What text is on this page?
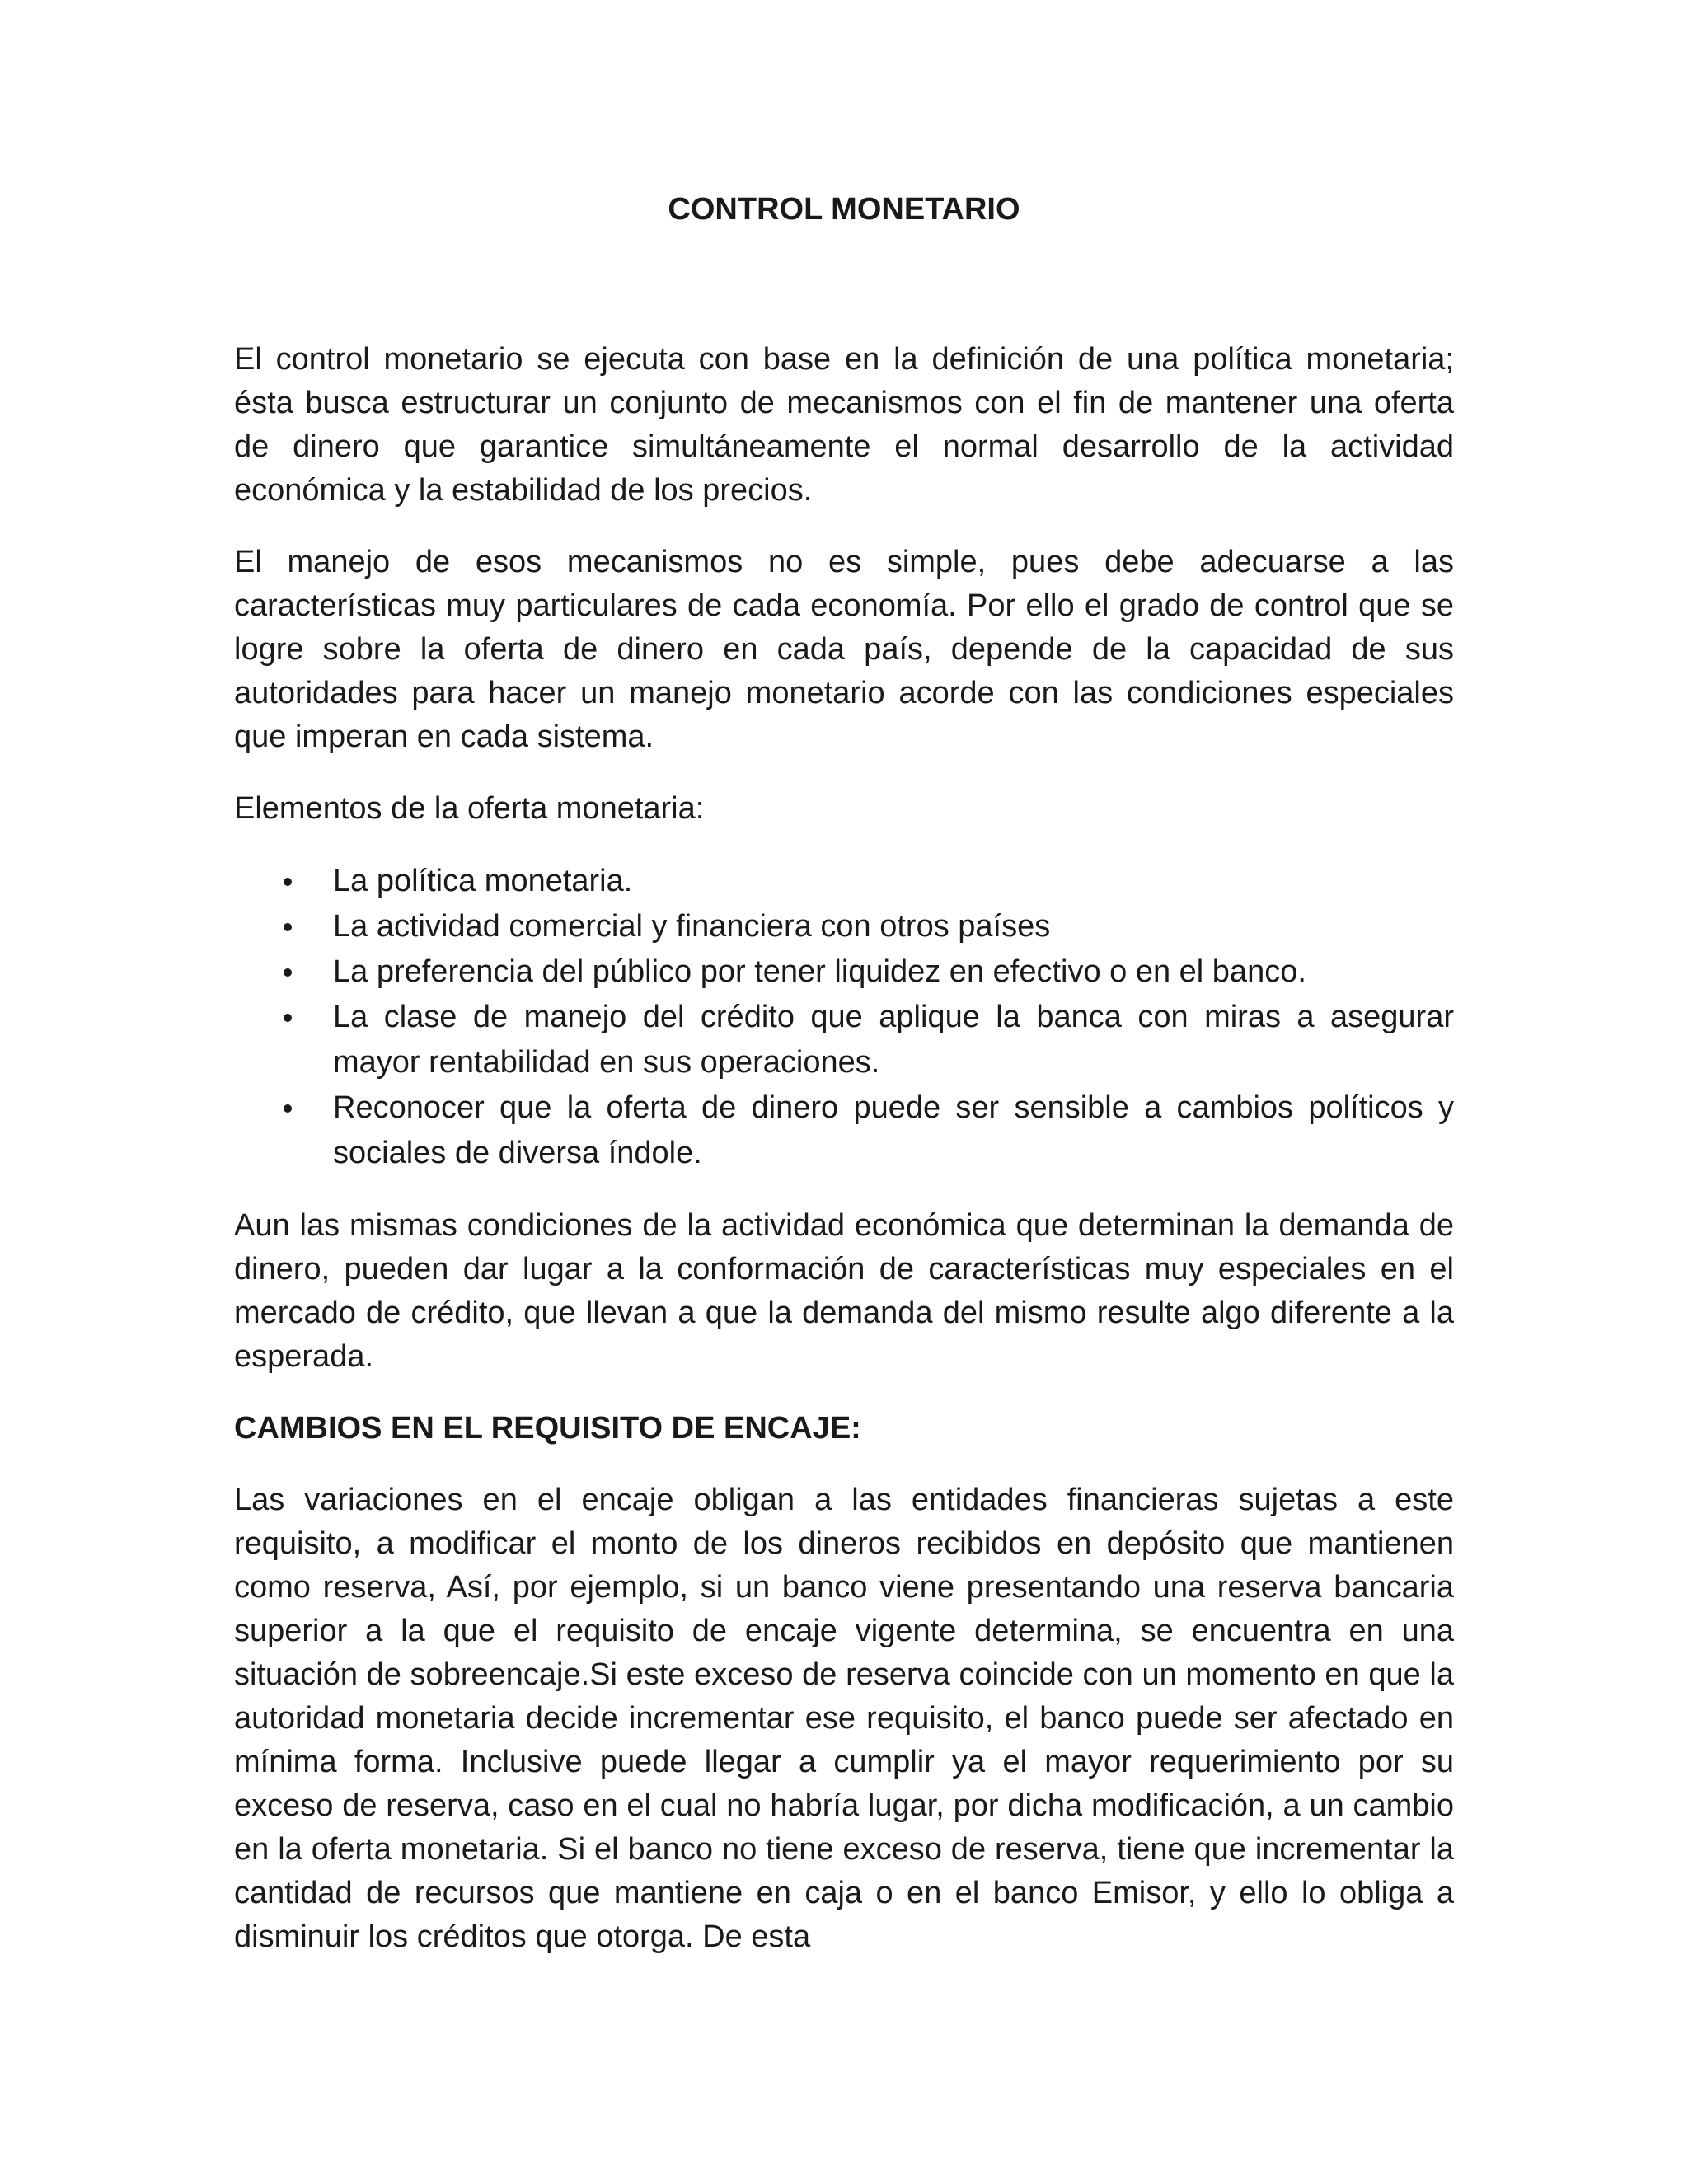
CONTROL MONETARIO

El control monetario se ejecuta con base en la definición de una política monetaria; ésta busca estructurar un conjunto de mecanismos con el fin de mantener una oferta de dinero que garantice simultáneamente el normal desarrollo de la actividad económica y la estabilidad de los precios.

El manejo de esos mecanismos no es simple, pues debe adecuarse a las características muy particulares de cada economía. Por ello el grado de control que se logre sobre la oferta de dinero en cada país, depende de la capacidad de sus autoridades para hacer un manejo monetario acorde con las condiciones especiales que imperan en cada sistema.

Elementos de la oferta monetaria:

La política monetaria.
La actividad comercial y financiera con otros países
La preferencia del público por tener liquidez en efectivo o en el banco.
La clase de manejo del crédito que aplique la banca con miras a asegurar mayor rentabilidad en sus operaciones.
Reconocer que la oferta de dinero puede ser sensible a cambios políticos y sociales de diversa índole.

Aun las mismas condiciones de la actividad económica que determinan la demanda de dinero, pueden dar lugar a la conformación de características muy especiales en el mercado de crédito, que llevan a que la demanda del mismo resulte algo diferente a la esperada.

CAMBIOS EN EL REQUISITO DE ENCAJE:

Las variaciones en el encaje obligan a las entidades financieras sujetas a este requisito, a modificar el monto de los dineros recibidos en depósito que mantienen como reserva, Así, por ejemplo, si un banco viene presentando una reserva bancaria superior a la que el requisito de encaje vigente determina, se encuentra en una situación de sobreencaje.Si este exceso de reserva coincide con un momento en que la autoridad monetaria decide incrementar ese requisito, el banco puede ser afectado en mínima forma. Inclusive puede llegar a cumplir ya el mayor requerimiento por su exceso de reserva, caso en el cual no habría lugar, por dicha modificación, a un cambio en la oferta monetaria. Si el banco no tiene exceso de reserva, tiene que incrementar la cantidad de recursos que mantiene en caja o en el banco Emisor, y ello lo obliga a disminuir los créditos que otorga. De esta
